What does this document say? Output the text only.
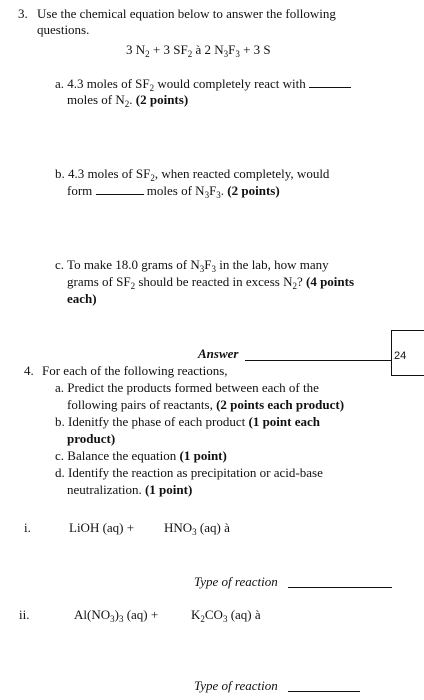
3. Use the chemical equation below to answer the following
questions.
3 $N_2 + 3$ $SF_2$ à 2 $N_3F_3 + 3$ S
a. 4.3 moles of $SF_2$ would completely react with
moles of $N_2$. (2 points)
b. 4.3 moles of $SF_2$, when reacted completely, would
form	moles of $N_3F_3$. (2 points)
c. To make 18.0 grams of $N_3F_3$ in the lab, how many
grams of $SF_2$ should be reacted in excess $N_2$? (4 points
each)
Answer	24
4. For each of the following reactions,
a. Predict the products formed between each of the
following pairs of reactants, (2 points each product)
b. Idenitfy the phase of each product (1 point each
product)
c. Balance the equation (1 point)
d. Identify the reaction as precipitation or acid-base
neutralization. (1 point)
i.	LiOH $(aq) + HNO_3$ (aq) à
Type of reaction
ii.	$Al(NO_3)_3$ (aq) +	$K_2CO_3$ (aq) à
Type of reaction
